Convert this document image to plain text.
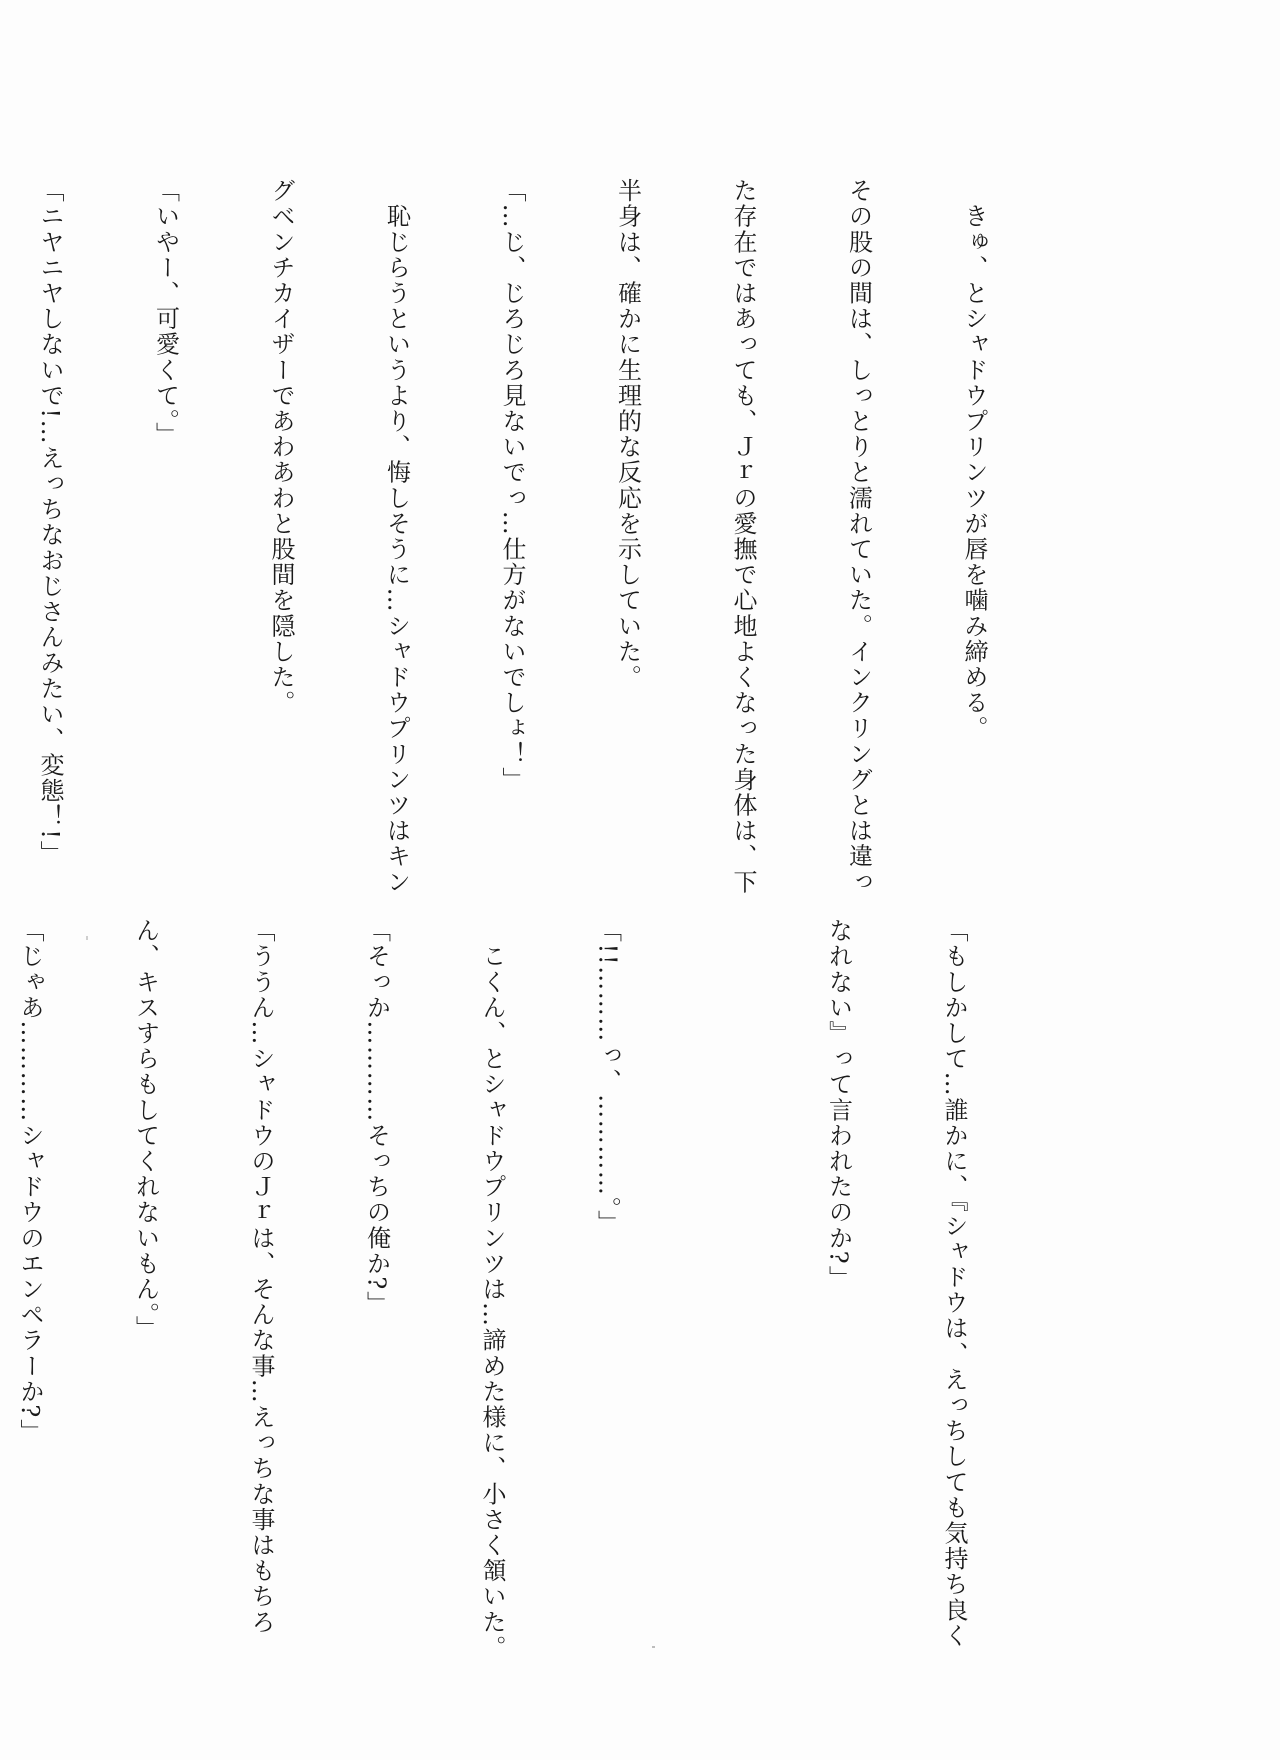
　きゅ、とシャドウプリンツが唇を噛み締める。

その股の間は、しっとりと濡れていた。インクリングとは違っ

た存在ではあっても、Ｊｒの愛撫で心地よくなった身体は、下

半身は、確かに生理的な反応を示していた。

「…じ、じろじろ見ないでっ…仕方がないでしょ！」

　恥じらうというより、悔しそうに…シャドウプリンツはキン

グベンチカイザーであわあわと股間を隠した。

「いやー、可愛くて。」

「ニヤニヤしないで!…えっちなおじさんみたい、変態！!」

「もしかして…誰かに、『シャドウは、えっちしても気持ち良く

なれない』って言われたのか?」

「!!………っ、…………。」

　こくん、とシャドウプリンツは…諦めた様に、小さく頷いた。

「そっか…………そっちの俺か?」

「ううん…シャドウのＪｒは、そんな事…えっちな事はもちろ

ん、キスすらもしてくれないもん。」

「じゃあ…………シャドウのエンペラーか?」
